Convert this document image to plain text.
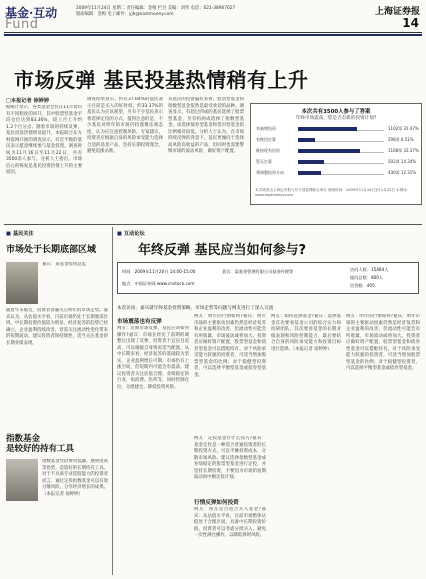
基金·互动
Fund
2009年11月24日 星期二 责任编辑：金梅 栏目 美编：刘伟 电话：021-38967627
版面编辑：金梅 电子邮件：yjh@eastmoney.com	上海证券报
14
市场反弹 基民投基热情稍有上升
□本报记者 徐婷婷
据统计显示，各类基金仓位在11月份均有不同程度的回升，其中股票型基金平均仓位达到83.36%，较上月上升约1.2个百分点。随着市场的持续反弹，基民投基热情明显提升，本报联合东方财富网开展的调查显示，有近半数的基民表示愿意继续参与基金投资。调查时间为11月16日至11月22日，共有3500余人参与。分析人士指出，市场信心的恢复是基民投资热情上升的主要原因。
调查结果显示，约有37.64%的基民表示目前是买入的好时机，约33.37%的基民认为应该观望，另有不少基民表示将选择定投的方式。值得注意的是，不少基民对明年的市场仍持谨慎乐观态度，认为应注意控制风险。专家建议，投资者应根据自身的风险承受能力选择合适的基金产品，坚持长期投资理念，避免追涨杀跌。
从基民的投资偏好来看，股票型基金和指数型基金依然是最受欢迎的品种。调查显示，有超过四成的基民选择了股票型基金，另有约两成选择了指数型基金，而选择债券型基金和货币型基金的比例相对较低。分析人士认为，在市场持续反弹的背景下，基民更倾向于选择高风险高收益的产品，但同时也需要警惕市场的波动风险，做好资产配置。
本次共有3500人参与了答案
年终市场震荡，您是否有新的投资计划?
有新增投资	1102票 31.47%
有赎回打算	298票 8.51%
维持现有投资	1168票 33.37%
暂无打算	502票 14.34%
将调整投资方向	430票 12.31%
本次调查由上海证券报与东方财富网联合举办 调查时间：2009年11月16日至11月22日 本网站：www.eastmoney.com
■ 基民关注
市场处于长期底部区域
嘉宾：某基金投资总监
随着年末临近，投资者普遍关心明年的市场走势。嘉宾认为，从估值水平看，目前市场仍处于长期底部区域，中长期投资价值较为明显。经济复苏的趋势已经确立，企业盈利持续改善，但需关注流动性变化带来的短期波动。建议投资者保持理性，适当关注基金的长期业绩表现。
指数基金
是较好的持有工具
指数基金凭借费用低廉、透明度高等优势，是较好的长期持有工具。对于不具备专业选股能力的投资者而言，通过定投指数基金可以有效分散风险，分享经济增长的成果。（本报记者 徐婷婷）
■ 互动论坛
年终反弹 基民应当如何参与?
时间：2009年11月20日 14:00-15:00
地点：中国证券网 www.cnstock.com
嘉宾：某基金管理有限公司基金经理等	访问人数：15484人
提问总数：800人
回答数：405
本次访谈，嘉宾就年终基金投资策略、市场走势等问题与网友进行了深入交流
市场震荡也有反弹
网友：近期市场反弹，基民应该如何操作?嘉宾：市场在经历了前期的调整后出现了反弹，投资者不宜盲目追高，可以根据自身情况适当配置。从中长期来看，经济复苏的基础较为坚实，企业盈利增长可期，市场仍有上涨空间，但短期内可能会有震荡。建议投资者关注估值合理、业绩稳定的行业，如消费、医药等，同时控制仓位，分批建仓，降低投资风险。
网友：明年的行情如何?嘉宾：明年市场的主要驱动因素仍然是经济复苏和企业盈利的改善，但流动性可能会有所收紧，市场波动或将加大。投资者应做好资产配置，股票型基金和债券型基金可以搭配持有。对于风险承受能力较强的投资者，可适当增加股票型基金的比例；对于稳健型投资者，可以选择平衡型基金或债券型基金。
网友：定投基金有什么技巧?嘉宾：基金定投是一种适合普通投资者的长期投资方式，可以平摊投资成本，分散市场风险。建议选择指数型基金或业绩稳定的股票型基金进行定投，并坚持长期投资，不要因为市场的短期波动而中断定投计划。
行情反弹如何投资
网友：现在是否适合买入基金?嘉宾：从估值水平看，目前市场整体估值处于合理区间，具备中长期投资价值。投资者可以考虑分批买入，避免一次性满仓操作，以降低择时风险。
网友：如何选择基金?嘉宾：选择基金首先要看基金公司的综合实力和投研团队，其次要看基金的长期业绩表现和风险控制能力，最后要结合自身的风险承受能力和投资目标进行选择。（本报记者 徐婷婷）
网友：明年的行情如何?嘉宾：明年市场的主要驱动因素仍然是经济复苏和企业盈利的改善，但流动性可能会有所收紧，市场波动或将加大。投资者应做好资产配置，股票型基金和债券型基金可以搭配持有。对于风险承受能力较强的投资者，可适当增加股票型基金的比例；对于稳健型投资者，可以选择平衡型基金或债券型基金。
